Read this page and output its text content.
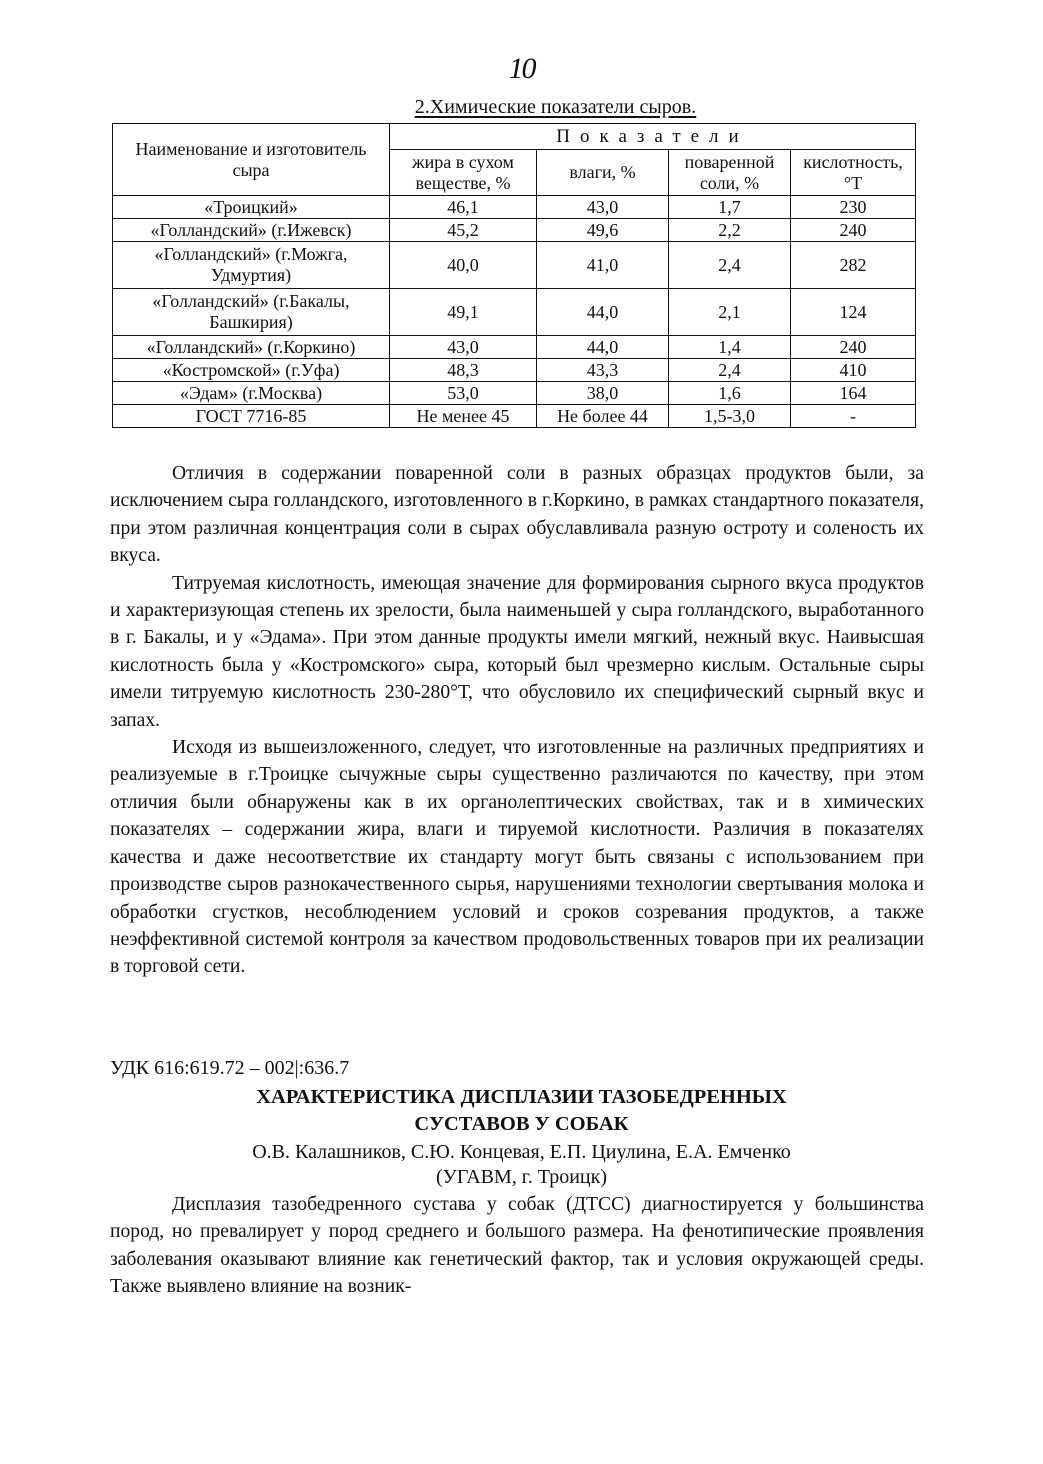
10
2.Химические показатели сыров.
Наименование и изготовитель сыра	Показатели			
	жира в сухом веществе, %	влаги, %	поваренной соли, %	кислотность, °Т
«Троицкий»	46,1	43,0	1,7	230
«Голландский» (г.Ижевск)	45,2	49,6	2,2	240
«Голландский» (г.Можга, Удмуртия)	40,0	41,0	2,4	282
«Голландский» (г.Бакалы, Башкирия)	49,1	44,0	2,1	124
«Голландский» (г.Коркино)	43,0	44,0	1,4	240
«Костромской» (г.Уфа)	48,3	43,3	2,4	410
«Эдам» (г.Москва)	53,0	38,0	1,6	164
ГОСТ 7716-85	Не менее 45	Не более 44	1,5-3,0	-

Отличия в содержании поваренной соли в разных образцах продуктов были, за исключением сыра голландского, изготовленного в г.Коркино, в рамках стандартного показателя, при этом различная концентрация соли в сырах обуславливала разную остроту и соленость их вкуса.

Титруемая кислотность, имеющая значение для формирования сырного вкуса продуктов и характеризующая степень их зрелости, была наименьшей у сыра голландского, выработанного в г. Бакалы, и у «Эдама». При этом данные продукты имели мягкий, нежный вкус. Наивысшая кислотность была у «Костромского» сыра, который был чрезмерно кислым. Остальные сыры имели титруемую кислотность 230-280°Т, что обусловило их специфический сырный вкус и запах.

Исходя из вышеизложенного, следует, что изготовленные на различных предприятиях и реализуемые в г.Троицке сычужные сыры существенно различаются по качеству, при этом отличия были обнаружены как в их органолептических свойствах, так и в химических показателях – содержании жира, влаги и тируемой кислотности. Различия в показателях качества и даже несоответствие их стандарту могут быть связаны с использованием при производстве сыров разнокачественного сырья, нарушениями технологии свертывания молока и обработки сгустков, несоблюдением условий и сроков созревания продуктов, а также неэффективной системой контроля за качеством продовольственных товаров при их реализации в торговой сети.

УДК 616:619.72 – 002|:636.7
ХАРАКТЕРИСТИКА ДИСПЛАЗИИ ТАЗОБЕДРЕННЫХ
СУСТАВОВ У СОБАК
О.В. Калашников, С.Ю. Концевая, Е.П. Циулина, Е.А. Емченко
(УГАВМ, г. Троицк)

Дисплазия тазобедренного сустава у собак (ДТСС) диагностируется у большинства пород, но превалирует у пород среднего и большого размера. На фенотипические проявления заболевания оказывают влияние как генетический фактор, так и условия окружающей среды. Также выявлено влияние на возник-
